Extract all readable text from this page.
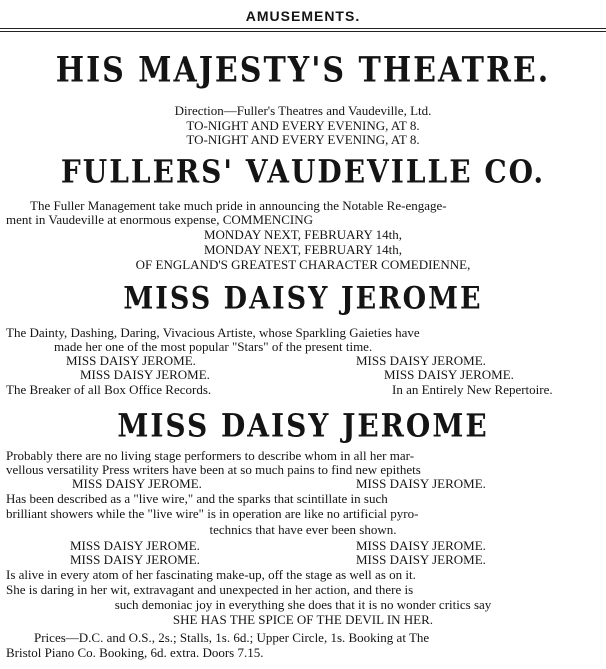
AMUSEMENTS.
HIS MAJESTY'S THEATRE.
Direction—Fuller's Theatres and Vaudeville, Ltd.
TO-NIGHT AND EVERY EVENING, AT 8.
TO-NIGHT AND EVERY EVENING, AT 8.
FULLERS' VAUDEVILLE CO.
The Fuller Management take much pride in announcing the Notable Re-engage-
ment in Vaudeville at enormous expense, COMMENCING
MONDAY NEXT, FEBRUARY 14th,
MONDAY NEXT, FEBRUARY 14th,
OF ENGLAND'S GREATEST CHARACTER COMEDIENNE,
MISS DAISY JEROME
The Dainty, Dashing, Daring, Vivacious Artiste, whose Sparkling Gaieties have
made her one of the most popular "Stars" of the present time.
MISS DAISY JEROME.	MISS DAISY JEROME.
MISS DAISY JEROME.	MISS DAISY JEROME.
The Breaker of all Box Office Records.	In an Entirely New Repertoire.
MISS DAISY JEROME
Probably there are no living stage performers to describe whom in all her mar-
vellous versatility Press writers have been at so much pains to find new epithets
MISS DAISY JEROME.	MISS DAISY JEROME.
Has been described as a "live wire," and the sparks that scintillate in such
brilliant showers while the "live wire" is in operation are like no artificial pyro-
technics that have ever been shown.
MISS DAISY JEROME.	MISS DAISY JEROME.
MISS DAISY JEROME.	MISS DAISY JEROME.
Is alive in every atom of her fascinating make-up, off the stage as well as on it.
She is daring in her wit, extravagant and unexpected in her action, and there is
such demoniac joy in everything she does that it is no wonder critics say
SHE HAS THE SPICE OF THE DEVIL IN HER.
Prices—D.C. and O.S., 2s.; Stalls, 1s. 6d.; Upper Circle, 1s. Booking at The
Bristol Piano Co. Booking, 6d. extra. Doors 7.15.
